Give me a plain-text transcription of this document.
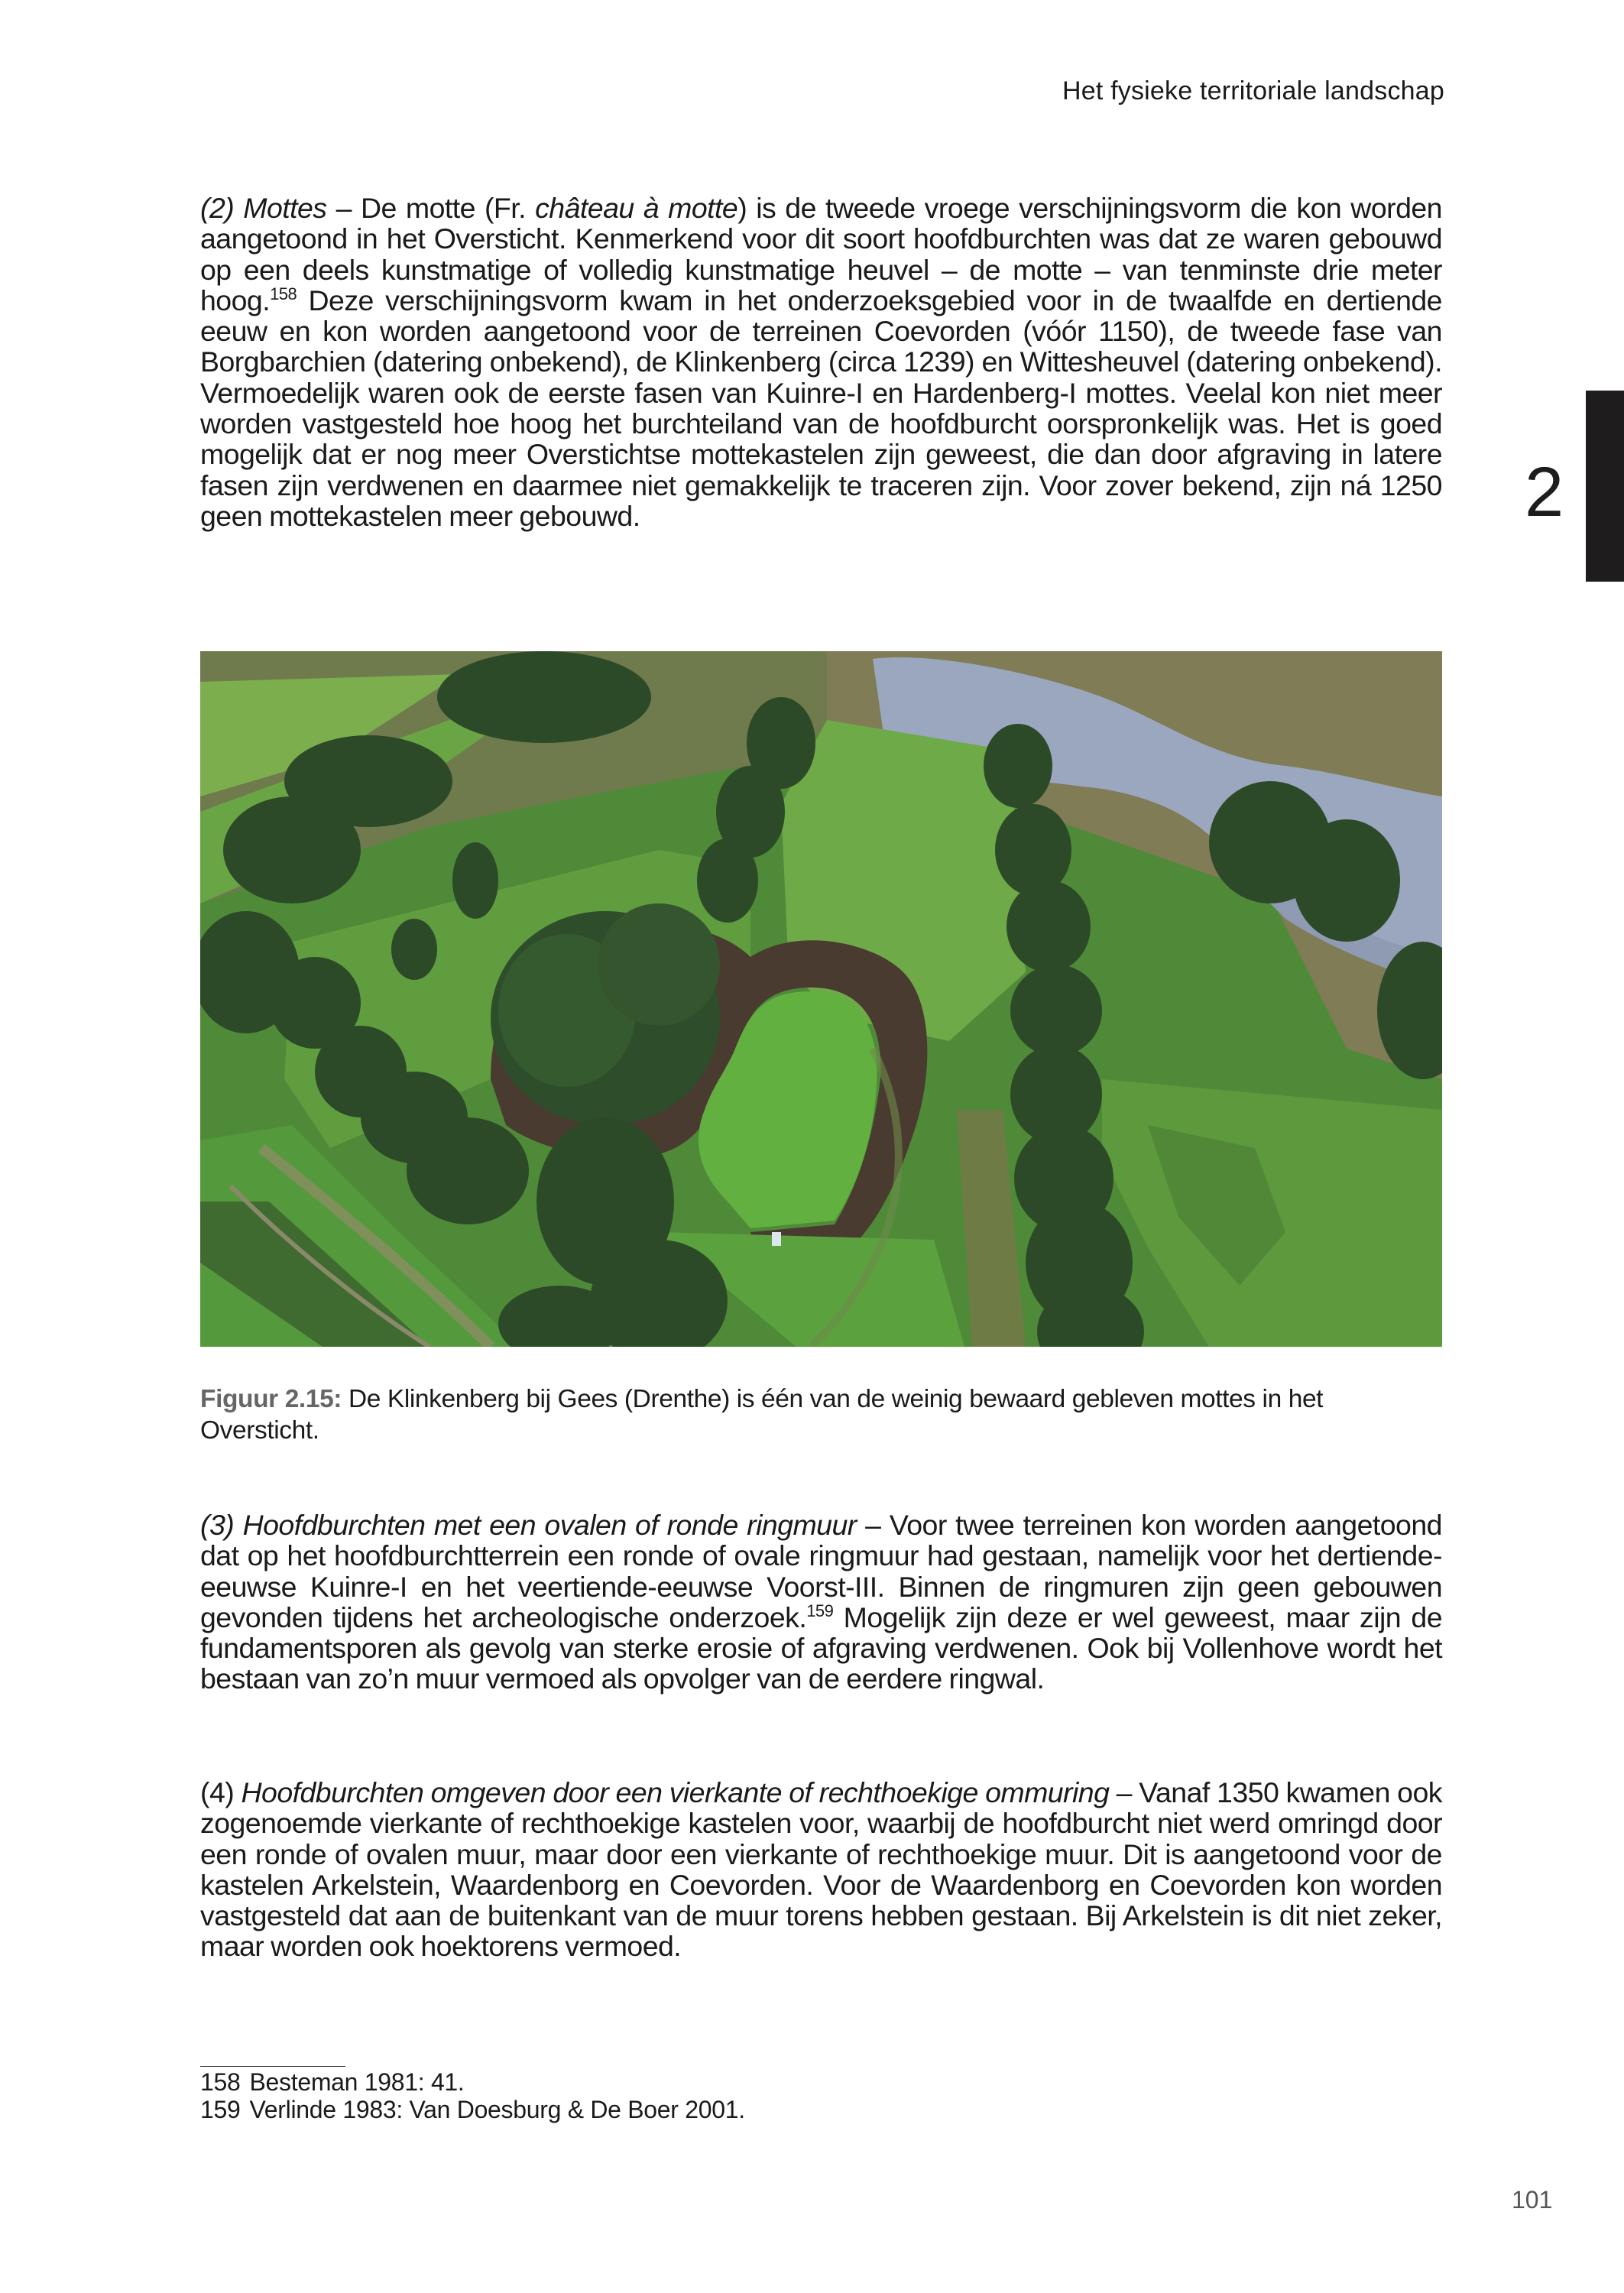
Het fysieke territoriale landschap
2

(2) Mottes – De motte (Fr. château à motte) is de tweede vroege verschijningsvorm die kon worden aangetoond in het Oversticht. Kenmerkend voor dit soort hoofdburchten was dat ze waren gebouwd op een deels kunstmatige of volledig kunstmatige heuvel – de motte – van tenminste drie meter hoog.$^{158}$ Deze verschijningsvorm kwam in het onderzoeksgebied voor in de twaalfde en dertiende eeuw en kon worden aangetoond voor de terreinen Coevorden (vóór 1150), de tweede fase van Borgbarchien (datering onbekend), de Klinkenberg (circa 1239) en Wittesheuvel (datering onbekend). Vermoedelijk waren ook de eerste fasen van Kuinre-I en Hardenberg-I mottes. Veelal kon niet meer worden vastgesteld hoe hoog het burchteiland van de hoofdburcht oorspronkelijk was. Het is goed mogelijk dat er nog meer Overstichtse mottekastelen zijn geweest, die dan door afgraving in latere fasen zijn verdwenen en daarmee niet gemakkelijk te traceren zijn. Voor zover bekend, zijn ná 1250 geen mottekastelen meer gebouwd.

Figuur 2.15: De Klinkenberg bij Gees (Drenthe) is één van de weinig bewaard gebleven mottes in het Oversticht.

(3) Hoofdburchten met een ovalen of ronde ringmuur – Voor twee terreinen kon worden aangetoond dat op het hoofdburchtterrein een ronde of ovale ringmuur had gestaan, namelijk voor het dertiende-eeuwse Kuinre-I en het veertiende-eeuwse Voorst-III. Binnen de ringmuren zijn geen gebouwen gevonden tijdens het archeologische onderzoek.$^{159}$ Mogelijk zijn deze er wel geweest, maar zijn de fundamentsporen als gevolg van sterke erosie of afgraving verdwenen. Ook bij Vollenhove wordt het bestaan van zo’n muur vermoed als opvolger van de eerdere ringwal.

(4) Hoofdburchten omgeven door een vierkante of rechthoekige ommuring – Vanaf 1350 kwamen ook zogenoemde vierkante of rechthoekige kastelen voor, waarbij de hoofdburcht niet werd omringd door een ronde of ovalen muur, maar door een vierkante of rechthoekige muur. Dit is aangetoond voor de kastelen Arkelstein, Waardenborg en Coevorden. Voor de Waardenborg en Coevorden kon worden vastgesteld dat aan de buitenkant van de muur torens hebben gestaan. Bij Arkelstein is dit niet zeker, maar worden ook hoektorens vermoed.

158 Besteman 1981: 41.
159 Verlinde 1983: Van Doesburg & De Boer 2001.
101
